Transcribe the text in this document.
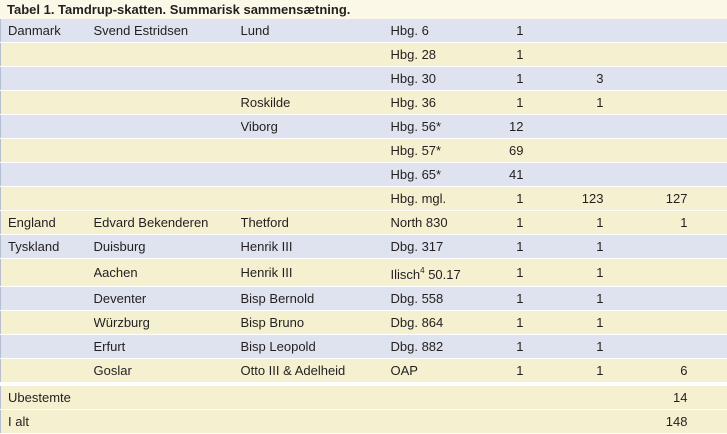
Tabel 1. Tamdrup-skatten. Summarisk sammensætning.
Danmark	Svend Estridsen	Lund	Hbg. 6	1			
			Hbg. 28	1			
			Hbg. 30	1	3		
		Roskilde	Hbg. 36	1	1		
		Viborg	Hbg. 56*	12			
			Hbg. 57*	69			
			Hbg. 65*	41			
			Hbg. mgl.	1	123	127	
England	Edvard Bekenderen	Thetford	North 830	1	1	1	
Tyskland	Duisburg	Henrik III	Dbg. 317	1	1		
	Aachen	Henrik III	Ilisch$^4$ 50.17	1	1		
	Deventer	Bisp Bernold	Dbg. 558	1	1		
	Würzburg	Bisp Bruno	Dbg. 864	1	1		
	Erfurt	Bisp Leopold	Dbg. 882	1	1		
	Goslar	Otto III & Adelheid	OAP	1	1	6	

Ubestemte						14	
I alt						148	
